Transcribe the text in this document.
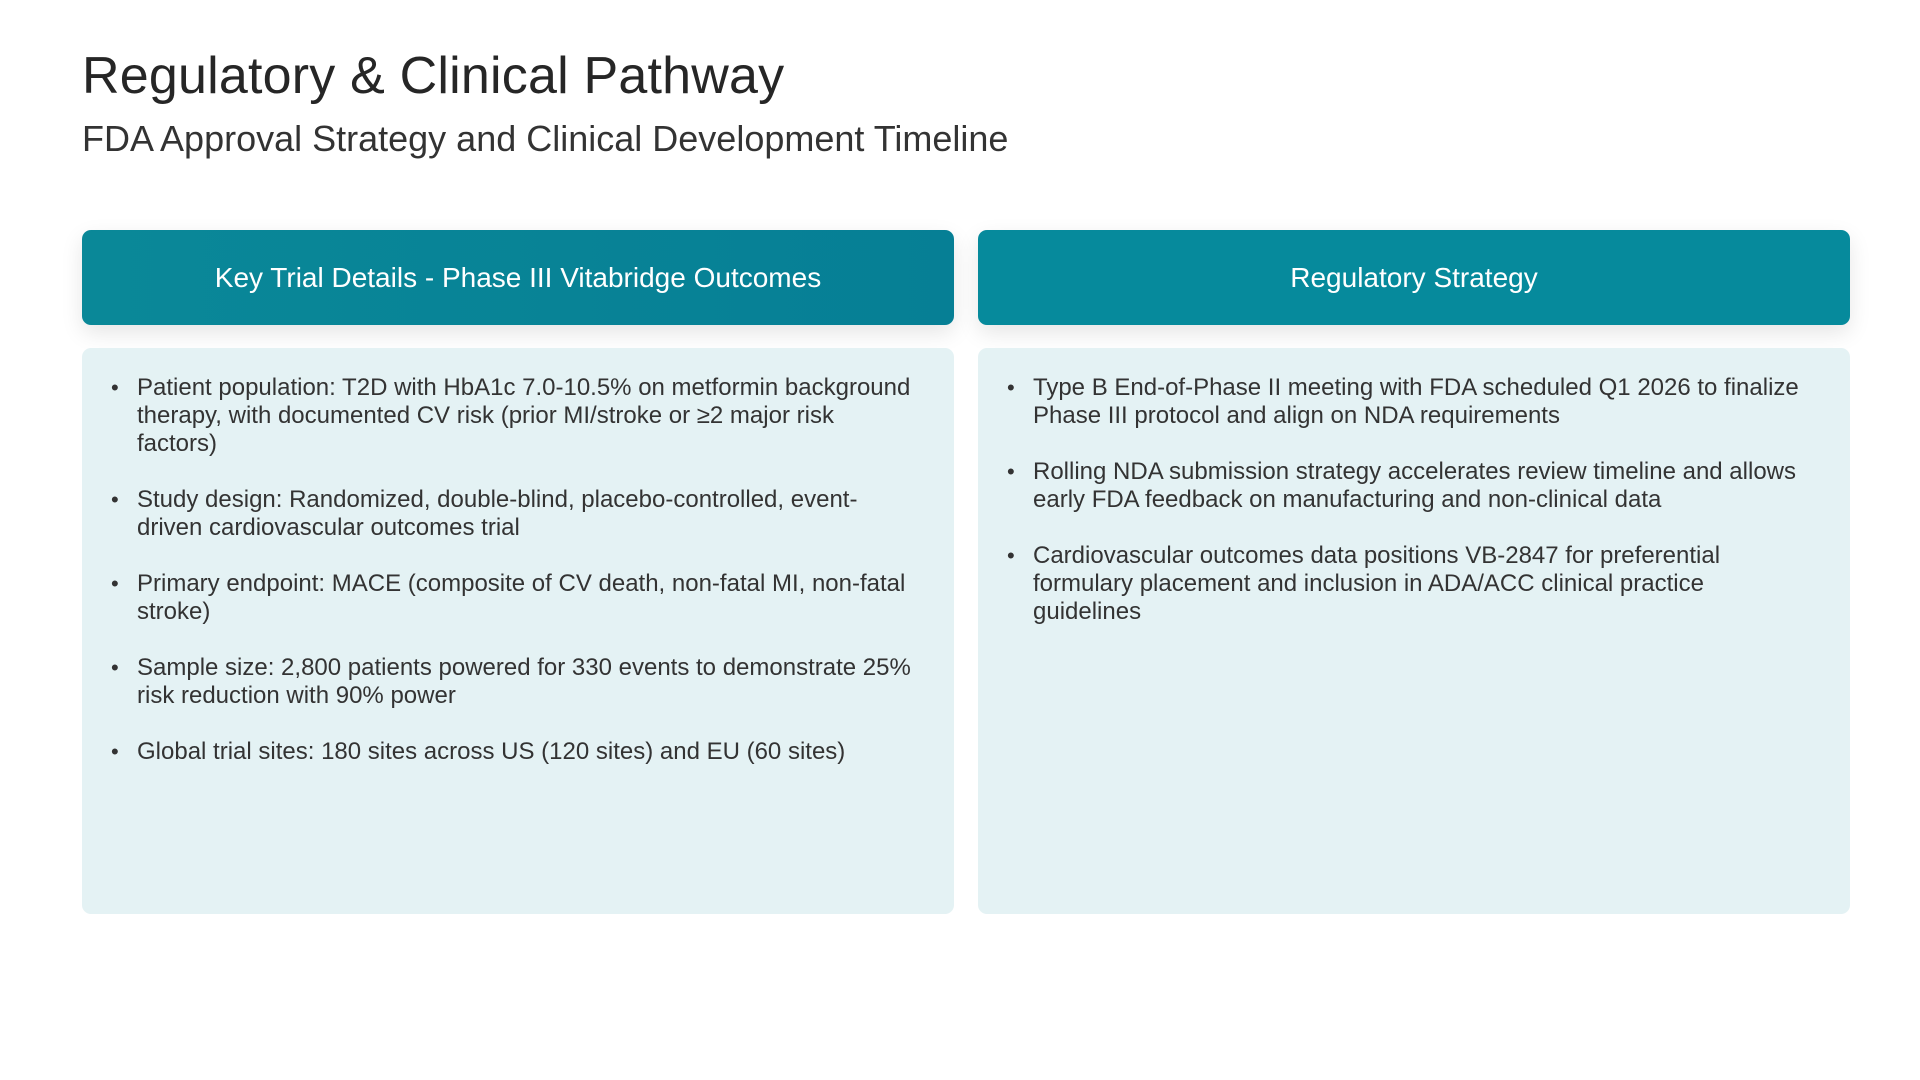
Regulatory & Clinical Pathway
FDA Approval Strategy and Clinical Development Timeline
Key Trial Details - Phase III Vitabridge Outcomes
• Patient population: T2D with HbA1c 7.0-10.5% on metformin background therapy, with documented CV risk (prior MI/stroke or ≥2 major risk factors)
• Study design: Randomized, double-blind, placebo-controlled, event-driven cardiovascular outcomes trial
• Primary endpoint: MACE (composite of CV death, non-fatal MI, non-fatal stroke)
• Sample size: 2,800 patients powered for 330 events to demonstrate 25% risk reduction with 90% power
• Global trial sites: 180 sites across US (120 sites) and EU (60 sites)
Regulatory Strategy
• Type B End-of-Phase II meeting with FDA scheduled Q1 2026 to finalize Phase III protocol and align on NDA requirements
• Rolling NDA submission strategy accelerates review timeline and allows early FDA feedback on manufacturing and non-clinical data
• Cardiovascular outcomes data positions VB-2847 for preferential formulary placement and inclusion in ADA/ACC clinical practice guidelines
